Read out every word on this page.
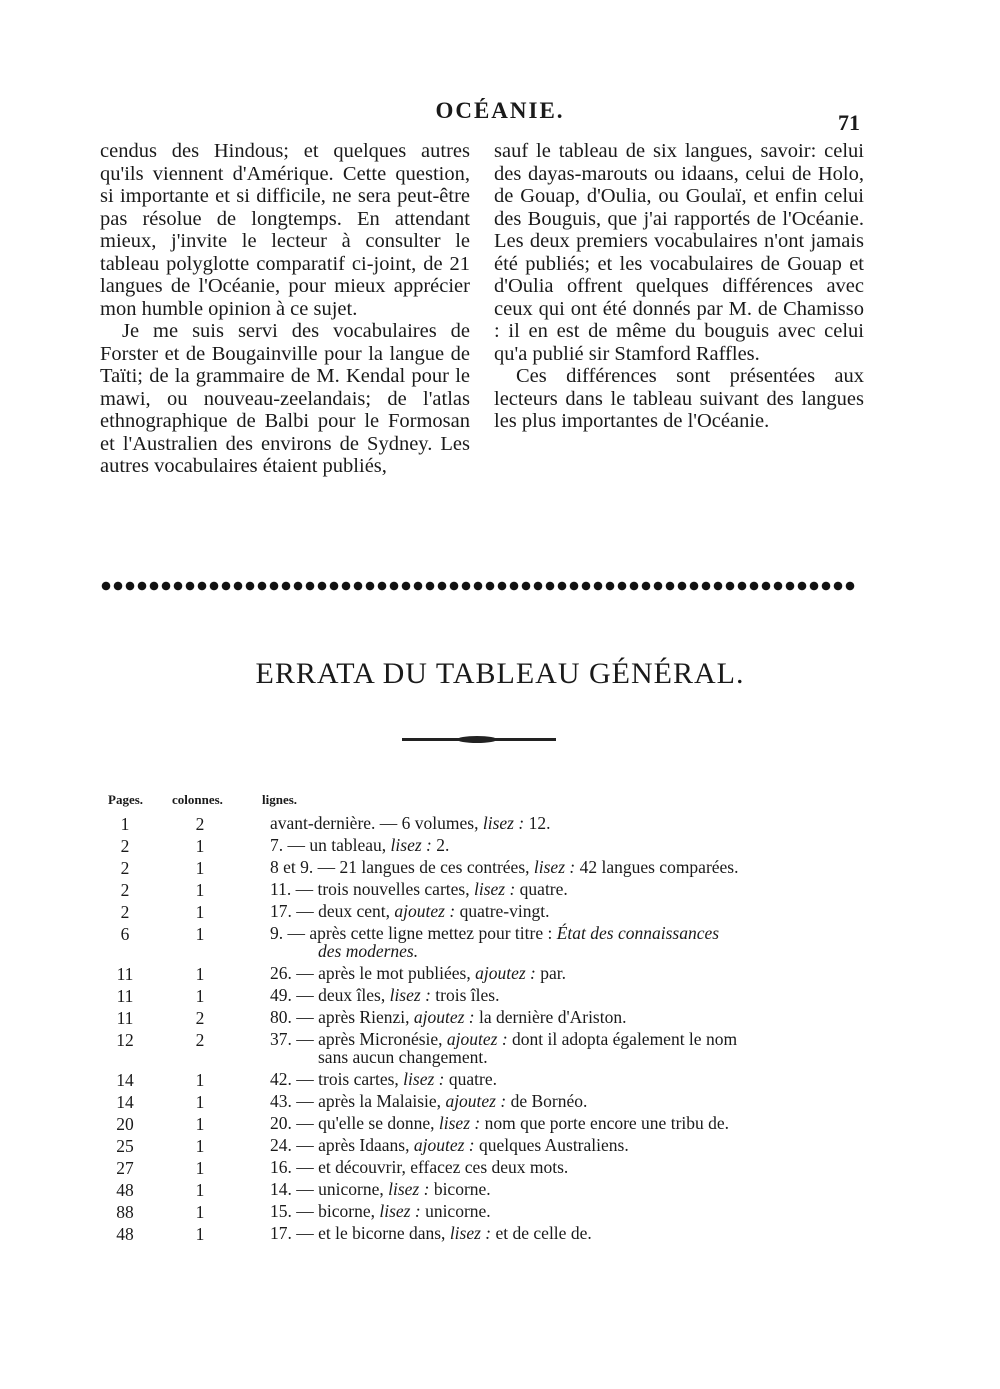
OCÉANIE.	71

cendus des Hindous; et quelques autres qu'ils viennent d'Amérique. Cette question, si importante et si difficile, ne sera peut-être pas résolue de longtemps. En attendant mieux, j'invite le lecteur à consulter le tableau polyglotte comparatif ci-joint, de 21 langues de l'Océanie, pour mieux apprécier mon humble opinion à ce sujet.

Je me suis servi des vocabulaires de Forster et de Bougainville pour la langue de Taïti; de la grammaire de M. Kendal pour le mawi, ou nouveau-zeelandais; de l'atlas ethnographique de Balbi pour le Formosan et l'Australien des environs de Sydney. Les autres vocabulaires étaient publiés,

sauf le tableau de six langues, savoir: celui des dayas-marouts ou idaans, celui de Holo, de Gouap, d'Oulia, ou Goulaï, et enfin celui des Bouguis, que j'ai rapportés de l'Océanie. Les deux premiers vocabulaires n'ont jamais été publiés; et les vocabulaires de Gouap et d'Oulia offrent quelques différences avec ceux qui ont été donnés par M. de Chamisso : il en est de même du bouguis avec celui qu'a publié sir Stamford Raffles.

Ces différences sont présentées aux lecteurs dans le tableau suivant des langues les plus importantes de l'Océanie.

ERRATA DU TABLEAU GÉNÉRAL.
Pages. colonnes.	lignes.
1	2	avant-dernière. — 6 volumes, lisez : 12.
2	1	7. — un tableau, lisez : 2.
2	1	8 et 9. — 21 langues de ces contrées, lisez : 42 langues comparées.
2	1	11. — trois nouvelles cartes, lisez : quatre.
2	1	17. — deux cent, ajoutez : quatre-vingt.
6	1	9. — après cette ligne mettez pour titre : État des connaissances
des modernes.
11	1	26. — après le mot publiées, ajoutez : par.
11	1	49. — deux îles, lisez : trois îles.
11	2	80. — après Rienzi, ajoutez : la dernière d'Ariston.
12	2	37. — après Micronésie, ajoutez : dont il adopta également le nom
sans aucun changement.
14	1	42. — trois cartes, lisez : quatre.
14	1	43. — après la Malaisie, ajoutez : de Bornéo.
20	1	20. — qu'elle se donne, lisez : nom que porte encore une tribu de.
25	1	24. — après Idaans, ajoutez : quelques Australiens.
27	1	16. — et découvrir, effacez ces deux mots.
48	1	14. — unicorne, lisez : bicorne.
88	1	15. — bicorne, lisez : unicorne.
48	1	17. — et le bicorne dans, lisez : et de celle de.
